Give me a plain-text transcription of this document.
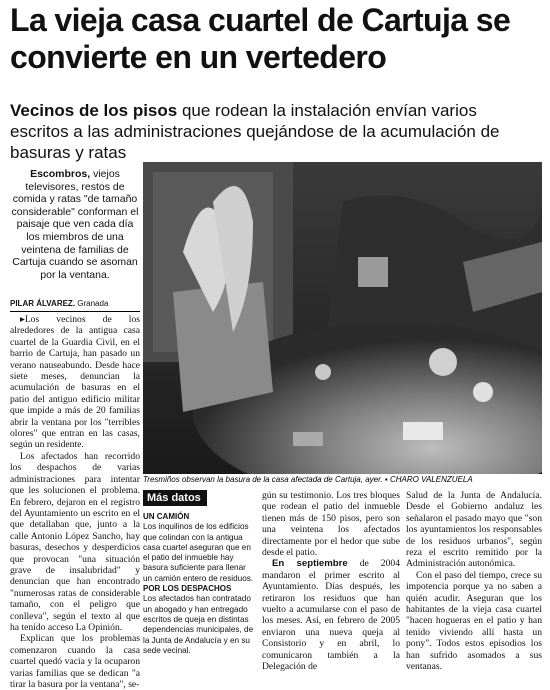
La vieja casa cuartel de Cartuja se convierte en un vertedero

Vecinos de los pisos que rodean la instalación envían varios escritos a las administraciones quejándose de la acumulación de basuras y ratas

Escombros, viejos televisores, restos de comida y ratas "de tamaño considerable" conforman el paisaje que ven cada día los miembros de una veintena de familias de Cartuja cuando se asoman por la ventana.
PILAR ÁLVAREZ. Granada

▸Los vecinos de los alrededores de la antigua casa cuartel de la Guardia Civil, en el barrio de Cartuja, han pasado un verano nauseabundo. Desde hace siete meses, denuncian la acumulación de basuras en el patio del antiguo edificio militar que impide a más de 20 familias abrir la ventana por los "terribles olores" que entran en las casas, según un residente.

Los afectados han recorrido los despachos de varias administraciones para intentar que les solucionen el problema. En febrero, dejaron en el registro del Ayuntamiento un escrito en el que detallaban que, junto a la calle Antonio López Sancho, hay basuras, desechos y desperdicios que provocan "una situación grave de insalubridad" y denuncian que han encontrado "numerosas ratas de considerable tamaño, con el peligro que conlleva", según el texto al que ha tenido acceso La Opinión.

Explican que los problemas comenzaron cuando la casa cuartel quedó vacía y la ocuparon varias familias que se dedican "a tirar la basura por la ventana", se-

Tresmiños observan la basura de la casa afectada de Cartuja, ayer. ▪ CHARO VALENZUELA
Más datos
UN CAMIÓN
Los inquilinos de los edificios que colindan con la antigua casa cuartel aseguran que en el patio del inmueble hay basura suficiente para llenar un camión entero de residuos.
POR LOS DESPACHOS
Los afectados han contratado un abogado y han entregado escritos de queja en distintas dependencias municipales, de la Junta de Andalucía y en su sede vecinal.

gún su testimonio. Los tres bloques que rodean el patio del inmueble tienen más de 150 pisos, pero son una veintena los afectados directamente por el hedor que sube desde el patio.

En septiembre de 2004 mandaron el primer escrito al Ayuntamiento. Días después, les retiraron los residuos que han vuelto a acumularse con el paso de los meses. Así, en febrero de 2005 enviaron una nueva queja al Consistorio y en abril, lo comunicaron también a la Delegación de

Salud de la Junta de Andalucía. Desde el Gobierno andaluz les señalaron el pasado mayo que "son los ayuntamientos los responsables de los residuos urbanos", según reza el escrito remitido por la Administración autonómica.

Con el paso del tiempo, crece su impotencia porque ya no saben a quién acudir. Aseguran que los habitantes de la vieja casa cuartel "hacen hogueras en el patio y han tenido viviendo allí hasta un pony". Todos estos episodios los han sufrido asomados a sus ventanas.
